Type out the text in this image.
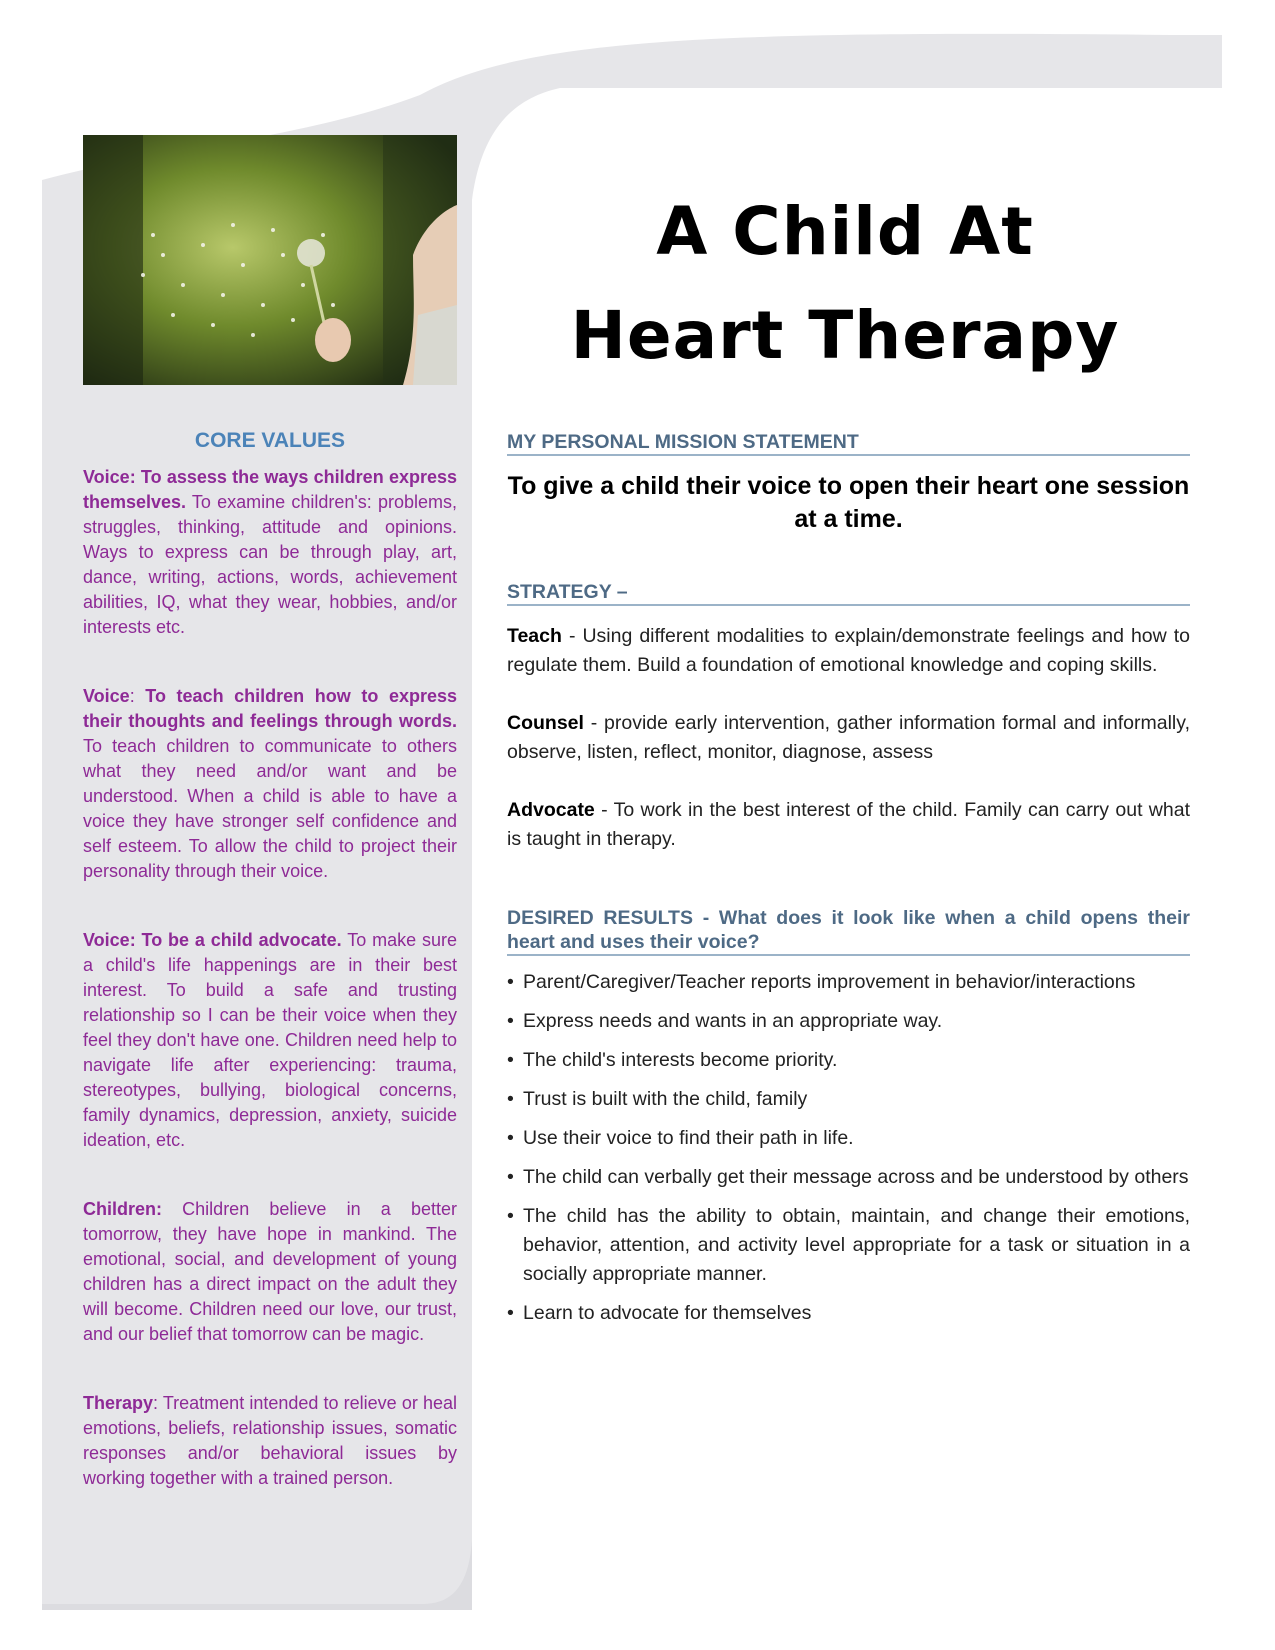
A Child At
Heart Therapy
CORE VALUES
Voice: To assess the ways children express themselves. To examine children's: problems, struggles, thinking, attitude and opinions. Ways to express can be through play, art, dance, writing, actions, words, achievement abilities, IQ, what they wear, hobbies, and/or interests etc.
Voice: To teach children how to express their thoughts and feelings through words. To teach children to communicate to others what they need and/or want and be understood. When a child is able to have a voice they have stronger self confidence and self esteem. To allow the child to project their personality through their voice.
Voice: To be a child advocate. To make sure a child's life happenings are in their best interest. To build a safe and trusting relationship so I can be their voice when they feel they don't have one. Children need help to navigate life after experiencing: trauma, stereotypes, bullying, biological concerns, family dynamics, depression, anxiety, suicide ideation, etc.
Children: Children believe in a better tomorrow, they have hope in mankind. The emotional, social, and development of young children has a direct impact on the adult they will become. Children need our love, our trust, and our belief that tomorrow can be magic.
Therapy: Treatment intended to relieve or heal emotions, beliefs, relationship issues, somatic responses and/or behavioral issues by working together with a trained person.
MY PERSONAL MISSION STATEMENT
To give a child their voice to open their heart one session at a time.
STRATEGY –

Teach - Using different modalities to explain/demonstrate feelings and how to regulate them. Build a foundation of emotional knowledge and coping skills.

Counsel - provide early intervention, gather information formal and informally, observe, listen, reflect, monitor, diagnose, assess

Advocate - To work in the best interest of the child. Family can carry out what is taught in therapy.

DESIRED RESULTS - What does it look like when a child opens their heart and uses their voice?
• Parent/Caregiver/Teacher reports improvement in behavior/interactions
• Express needs and wants in an appropriate way.
• The child's interests become priority.
• Trust is built with the child, family
• Use their voice to find their path in life.
• The child can verbally get their message across and be understood by others
• The child has the ability to obtain, maintain, and change their emotions, behavior, attention, and activity level appropriate for a task or situation in a socially appropriate manner.
• Learn to advocate for themselves
